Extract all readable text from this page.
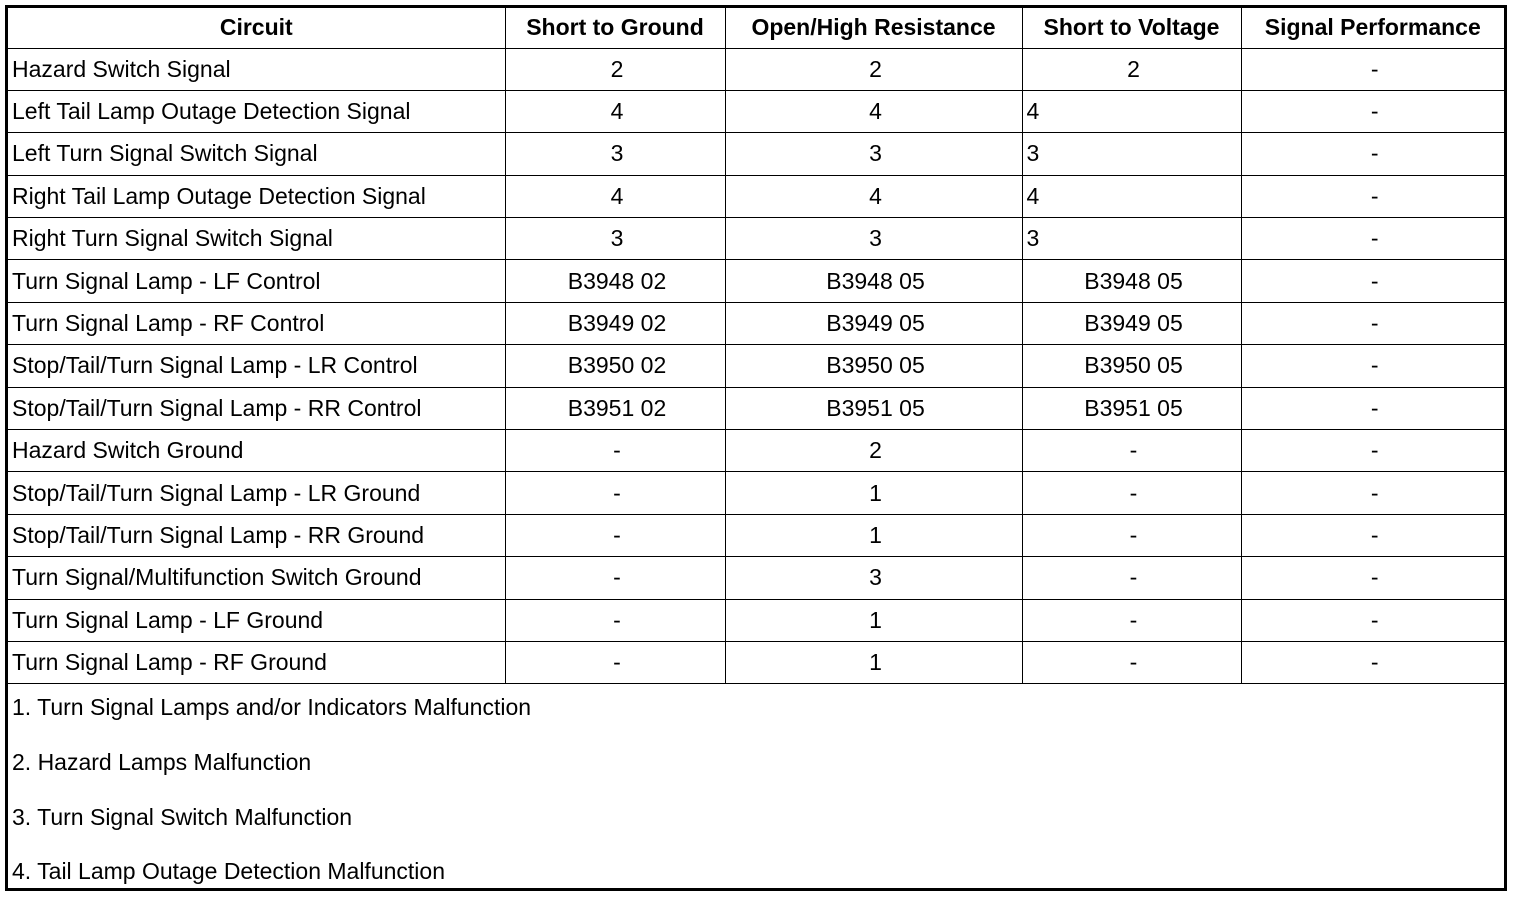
Circuit	Short to Ground	Open/High Resistance	Short to Voltage	Signal Performance
Hazard Switch Signal	2	2	2	-
Left Tail Lamp Outage Detection Signal	4	4	4	-
Left Turn Signal Switch Signal	3	3	3	-
Right Tail Lamp Outage Detection Signal	4	4	4	-
Right Turn Signal Switch Signal	3	3	3	-
Turn Signal Lamp - LF Control	B3948 02	B3948 05	B3948 05	-
Turn Signal Lamp - RF Control	B3949 02	B3949 05	B3949 05	-
Stop/Tail/Turn Signal Lamp - LR Control	B3950 02	B3950 05	B3950 05	-
Stop/Tail/Turn Signal Lamp - RR Control	B3951 02	B3951 05	B3951 05	-
Hazard Switch Ground	-	2	-	-
Stop/Tail/Turn Signal Lamp - LR Ground	-	1	-	-
Stop/Tail/Turn Signal Lamp - RR Ground	-	1	-	-
Turn Signal/Multifunction Switch Ground	-	3	-	-
Turn Signal Lamp - LF Ground	-	1	-	-
Turn Signal Lamp - RF Ground	-	1	-	-
1. Turn Signal Lamps and/or Indicators Malfunction
2. Hazard Lamps Malfunction
3. Turn Signal Switch Malfunction
4. Tail Lamp Outage Detection Malfunction
